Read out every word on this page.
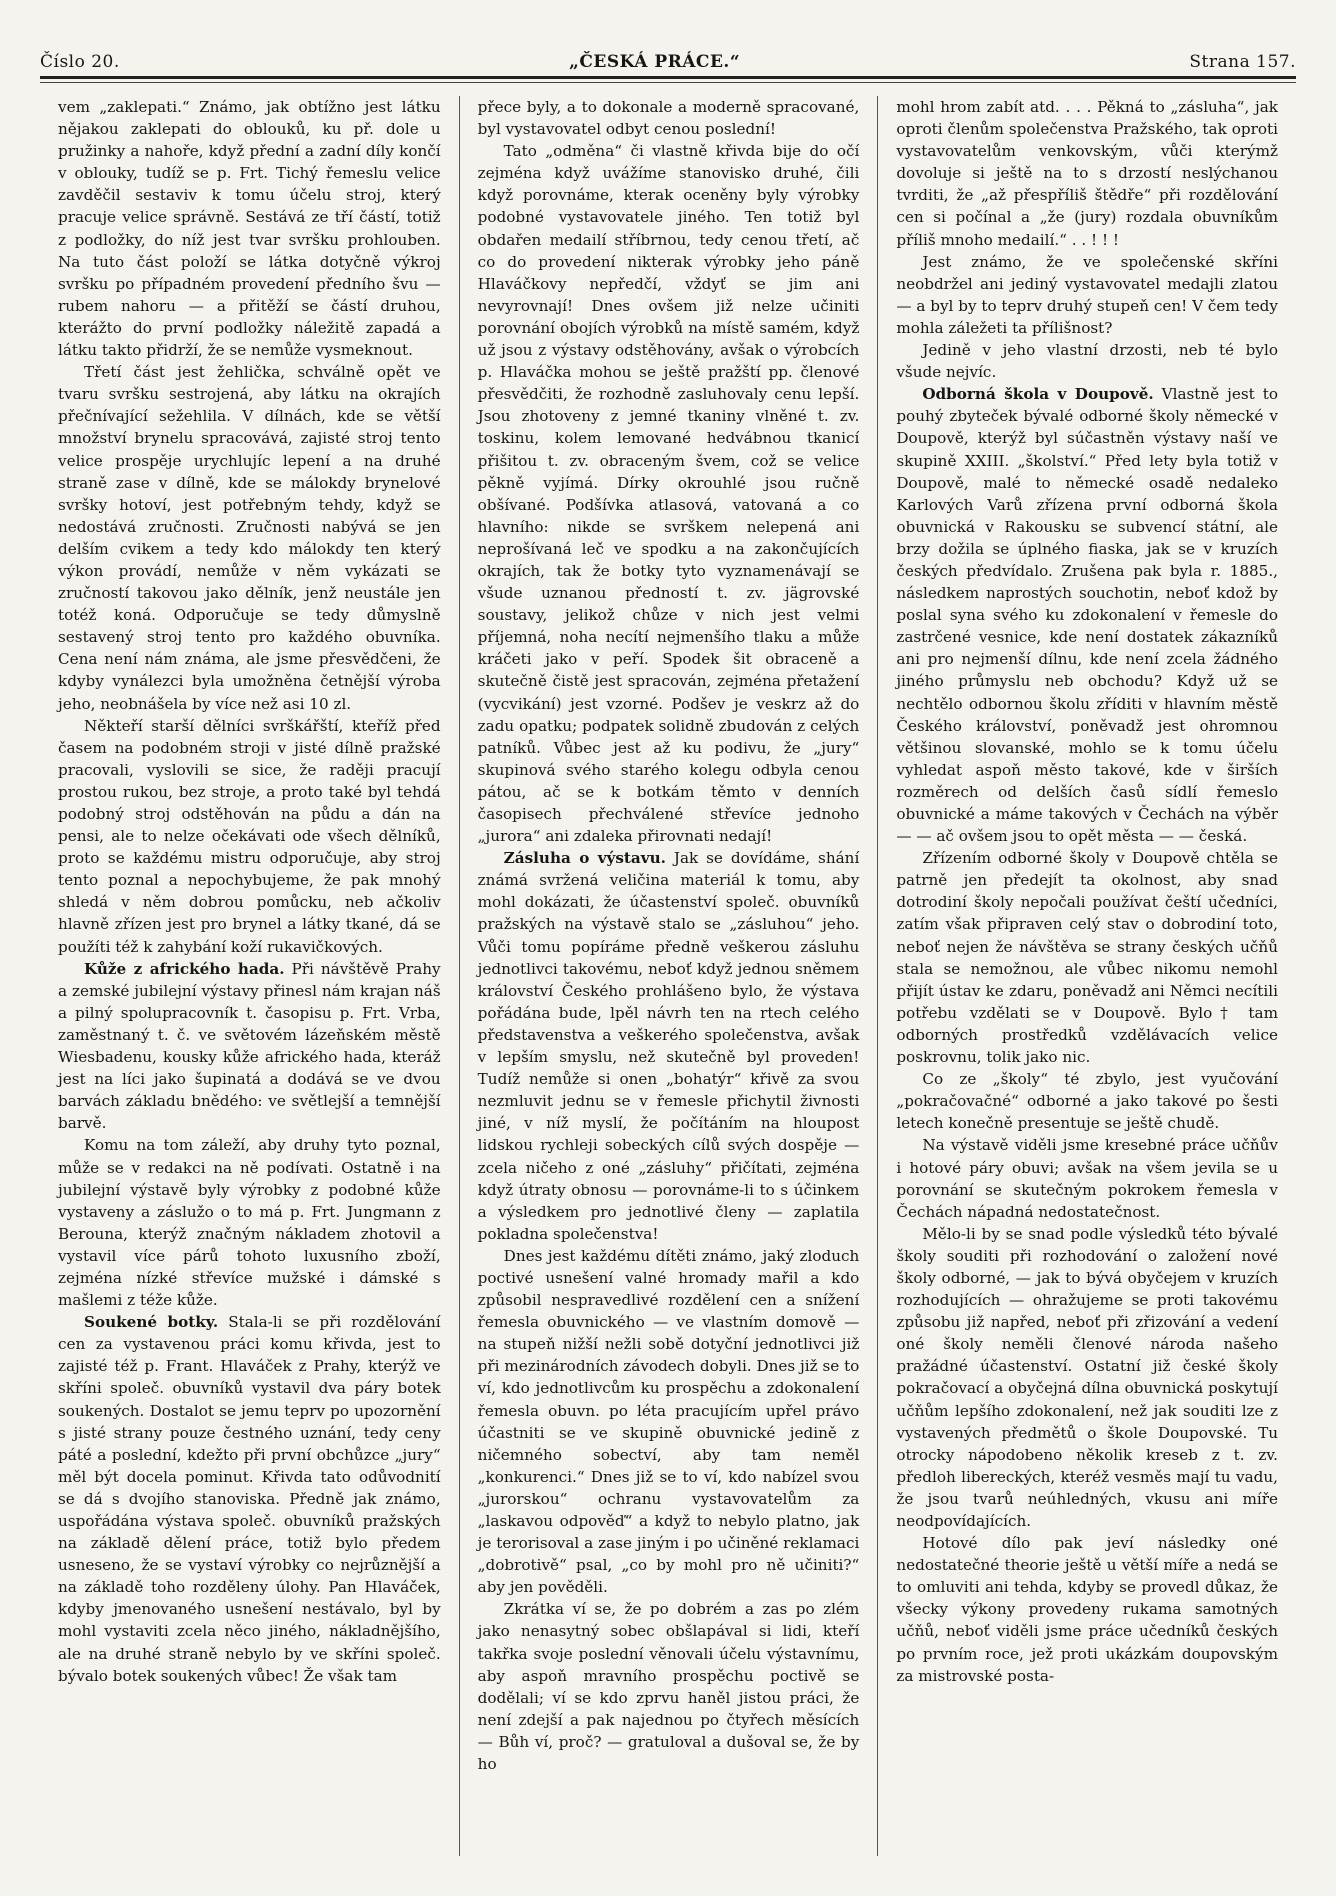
Číslo 20.	„ČESKÁ PRÁCE.“	Strana 157.

vem „zaklepati.“ Známo, jak obtížno jest látku nějakou zaklepati do oblouků, ku př. dole u pružinky a nahoře, když přední a zadní díly končí v oblouky, tudíž se p. Frt. Tichý řemeslu velice zavděčil sestaviv k tomu účelu stroj, který pracuje velice správně. Sestává ze tří částí, totiž z podložky, do níž jest tvar svršku prohlouben. Na tuto část položí se látka dotyčně výkroj svršku po případném provedení předního švu — rubem nahoru — a přitěží se částí druhou, kterážto do první podložky náležitě zapadá a látku takto přidrží, že se nemůže vysmeknout.

Třetí část jest žehlička, schválně opět ve tvaru svršku sestrojená, aby látku na okrajích přečnívající sežehlila. V dílnách, kde se větší množství brynelu spracovává, zajisté stroj tento velice prospěje urychlujíc lepení a na druhé straně zase v dílně, kde se málokdy brynelové svršky hotoví, jest potřebným tehdy, když se nedostává zručnosti. Zručnosti nabývá se jen delším cvikem a tedy kdo málokdy ten který výkon provádí, nemůže v něm vykázati se zručností takovou jako dělník, jenž neustále jen totéž koná. Odporučuje se tedy důmyslně sestavený stroj tento pro každého obuvníka. Cena není nám známa, ale jsme přesvědčeni, že kdyby vynálezci byla umožněna četnější výroba jeho, neobnášela by více než asi 10 zl.

Někteří starší dělníci svrškářští, kteříž před časem na podobném stroji v jisté dílně pražské pracovali, vyslovili se sice, že raději pracují prostou rukou, bez stroje, a proto také byl tehdá podobný stroj odstěhován na půdu a dán na pensi, ale to nelze očekávati ode všech dělníků, proto se každému mistru odporučuje, aby stroj tento poznal a nepochybujeme, že pak mnohý shledá v něm dobrou pomůcku, neb ačkoliv hlavně zřízen jest pro brynel a látky tkané, dá se použíti též k zahybání koží rukavičkových.

Kůže z afrického hada. Při návštěvě Prahy a zemské jubilejní výstavy přinesl nám krajan náš a pilný spolupracovník t. časopisu p. Frt. Vrba, zaměstnaný t. č. ve světovém lázeňském městě Wiesbadenu, kousky kůže afrického hada, kteráž jest na líci jako šupinatá a dodává se ve dvou barvách základu bnědého: ve světlejší a temnější barvě.

Komu na tom záleží, aby druhy tyto poznal, může se v redakci na ně podívati. Ostatně i na jubilejní výstavě byly výrobky z podobné kůže vystaveny a záslužo o to má p. Frt. Jungmann z Berouna, kterýž značným nákladem zhotovil a vystavil více párů tohoto luxusního zboží, zejména nízké střevíce mužské i dámské s mašlemi z téže kůže.

Soukené botky. Stala-li se při rozdělování cen za vystavenou práci komu křivda, jest to zajisté též p. Frant. Hlaváček z Prahy, kterýž ve skříni společ. obuvníků vystavil dva páry botek soukených. Dostalot se jemu teprv po upozornění s jisté strany pouze čestného uznání, tedy ceny páté a poslední, kdežto při první obchůzce „jury“ měl být docela pominut. Křivda tato odůvodnití se dá s dvojího stanoviska. Předně jak známo, uspořádána výstava společ. obuvníků pražských na základě dělení práce, totiž bylo předem usneseno, že se vystaví výrobky co nejrůznější a na základě toho rozděleny úlohy. Pan Hlaváček, kdyby jmenovaného usnešení nestávalo, byl by mohl vystaviti zcela něco jiného, nákladnějšího, ale na druhé straně nebylo by ve skříni společ. bývalo botek soukených vůbec! Že však tam

přece byly, a to dokonale a moderně spracované, byl vystavovatel odbyt cenou poslední!

Tato „odměna“ či vlastně křivda bije do očí zejména když uvážíme stanovisko druhé, čili když porovnáme, kterak oceněny byly výrobky podobné vystavovatele jiného. Ten totiž byl obdařen medailí stříbrnou, tedy cenou třetí, ač co do provedení nikterak výrobky jeho páně Hlaváčkovy nepředčí, vždyť se jim ani nevyrovnají! Dnes ovšem již nelze učiniti porovnání obojích výrobků na místě samém, když už jsou z výstavy odstěhovány, avšak o výrobcích p. Hlaváčka mohou se ještě pražští pp. členové přesvědčiti, že rozhodně zasluhovaly cenu lepší. Jsou zhotoveny z jemné tkaniny vlněné t. zv. toskinu, kolem lemované hedvábnou tkanicí přišitou t. zv. obraceným švem, což se velice pěkně vyjímá. Dírky okrouhlé jsou ručně obšívané. Podšívka atlasová, vatovaná a co hlavního: nikde se svrškem nelepená ani neprošívaná leč ve spodku a na zakončujících okrajích, tak že botky tyto vyznamenávají se všude uznanou předností t. zv. jägrovské soustavy, jelikož chůze v nich jest velmi příjemná, noha necítí nejmenšího tlaku a může kráčeti jako v peří. Spodek šit obraceně a skutečně čistě jest spracován, zejména přetažení (vycvikání) jest vzorné. Podšev je veskrz až do zadu opatku; podpatek solidně zbudován z celých patníků. Vůbec jest až ku podivu, že „jury“ skupinová svého starého kolegu odbyla cenou pátou, ač se k botkám těmto v denních časopisech přechválené střevíce jednoho „jurora“ ani zdaleka přirovnati nedají!

Zásluha o výstavu. Jak se dovídáme, shání známá svržená veličina materiál k tomu, aby mohl dokázati, že účastenství společ. obuvníků pražských na výstavě stalo se „zásluhou“ jeho. Vůči tomu popíráme předně veškerou zásluhu jednotlivci takovému, neboť když jednou sněmem království Českého prohlášeno bylo, že výstava pořádána bude, lpěl návrh ten na rtech celého představenstva a veškerého společenstva, avšak v lepším smyslu, než skutečně byl proveden! Tudíž nemůže si onen „bohatýr“ křivě za svou nezmluvit jednu se v řemesle přichytil živnosti jiné, v níž myslí, že počítáním na hloupost lidskou rychleji sobeckých cílů svých dospěje — zcela ničeho z oné „zásluhy“ přičítati, zejména když útraty obnosu — porovnáme-li to s účinkem a výsledkem pro jednotlivé členy — zaplatila pokladna společenstva!

Dnes jest každému dítěti známo, jaký zloduch poctivé usnešení valné hromady mařil a kdo způsobil nespravedlivé rozdělení cen a snížení řemesla obuvnického — ve vlastním domově — na stupeň nižší nežli sobě dotyční jednotlivci již při mezinárodních závodech dobyli. Dnes již se to ví, kdo jednotlivcům ku prospěchu a zdokonalení řemesla obuvn. po léta pracujícím upřel právo účastniti se ve skupině obuvnické jedině z ničemného sobectví, aby tam neměl „konkurenci.“ Dnes již se to ví, kdo nabízel svou „jurorskou“ ochranu vystavovatelům za „laskavou odpověď“ a když to nebylo platno, jak je terorisoval a zase jiným i po učiněné reklamaci „dobrotivě“ psal, „co by mohl pro ně učiniti?“ aby jen pověděli.

Zkrátka ví se, že po dobrém a zas po zlém jako nenasytný sobec obšlapával si lidi, kteří takřka svoje poslední věnovali účelu výstavnímu, aby aspoň mravního prospěchu poctivě se dodělali; ví se kdo zprvu haněl jistou práci, že není zdejší a pak najednou po čtyřech měsících — Bůh ví, proč? — gratuloval a dušoval se, že by ho

mohl hrom zabít atd. . . . Pěkná to „zásluha“, jak oproti členům společenstva Pražského, tak oproti vystavovatelům venkovským, vůči kterýmž dovoluje si ještě na to s drzostí neslýchanou tvrditi, že „až přespříliš štědře“ při rozdělování cen si počínal a „že (jury) rozdala obuvníkům příliš mnoho medailí.“ . . ! ! !

Jest známo, že ve společenské skříni neobdržel ani jediný vystavovatel medajli zlatou — a byl by to teprv druhý stupeň cen! V čem tedy mohla záležeti ta přílišnost?

Jedině v jeho vlastní drzosti, neb té bylo všude nejvíc.

Odborná škola v Doupově. Vlastně jest to pouhý zbyteček bývalé odborné školy německé v Doupově, kterýž byl súčastněn výstavy naší ve skupině XXIII. „školství.“ Před lety byla totiž v Doupově, malé to německé osadě nedaleko Karlových Varů zřízena první odborná škola obuvnická v Rakousku se subvencí státní, ale brzy dožila se úplného fiaska, jak se v kruzích českých předvídalo. Zrušena pak byla r. 1885., následkem naprostých souchotin, neboť kdož by poslal syna svého ku zdokonalení v řemesle do zastrčené vesnice, kde není dostatek zákazníků ani pro nejmenší dílnu, kde není zcela žádného jiného průmyslu neb obchodu? Když už se nechtělo odbornou školu zříditi v hlavním městě Českého království, poněvadž jest ohromnou většinou slovanské, mohlo se k tomu účelu vyhledat aspoň město takové, kde v širších rozměrech od delších časů sídlí řemeslo obuvnické a máme takových v Čechách na výběr — — ač ovšem jsou to opět města — — česká.

Zřízením odborné školy v Doupově chtěla se patrně jen předejít ta okolnost, aby snad dotrodiní školy nepočali používat čeští učedníci, zatím však připraven celý stav o dobrodiní toto, neboť nejen že návštěva se strany českých učňů stala se nemožnou, ale vůbec nikomu nemohl přijít ústav ke zdaru, poněvadž ani Němci necítili potřebu vzdělati se v Doupově. Bylo† tam odborných prostředků vzdělávacích velice poskrovnu, tolik jako nic.

Co ze „školy“ té zbylo, jest vyučování „pokračovačné“ odborné a jako takové po šesti letech konečně presentuje se ještě chudě.

Na výstavě viděli jsme kresebné práce učňův i hotové páry obuvi; avšak na všem jevila se u porovnání se skutečným pokrokem řemesla v Čechách nápadná nedostatečnost.

Mělo-li by se snad podle výsledků této bývalé školy souditi při rozhodování o založení nové školy odborné, — jak to bývá obyčejem v kruzích rozhodujících — ohražujeme se proti takovému způsobu již napřed, neboť při zřizování a vedení oné školy neměli členové národa našeho pražádné účastenství. Ostatní již české školy pokračovací a obyčejná dílna obuvnická poskytují učňům lepšího zdokonalení, než jak souditi lze z vystavených předmětů o škole Doupovské. Tu otrocky nápodobeno několik kreseb z t. zv. předloh libereckých, kteréž vesměs mají tu vadu, že jsou tvarů neúhledných, vkusu ani míře neodpovídajících.

Hotové dílo pak jeví následky oné nedostatečné theorie ještě u větší míře a nedá se to omluviti ani tehda, kdyby se provedl důkaz, že všecky výkony provedeny rukama samotných učňů, neboť viděli jsme práce učedníků českých po prvním roce, jež proti ukázkám doupovským za mistrovské posta-
